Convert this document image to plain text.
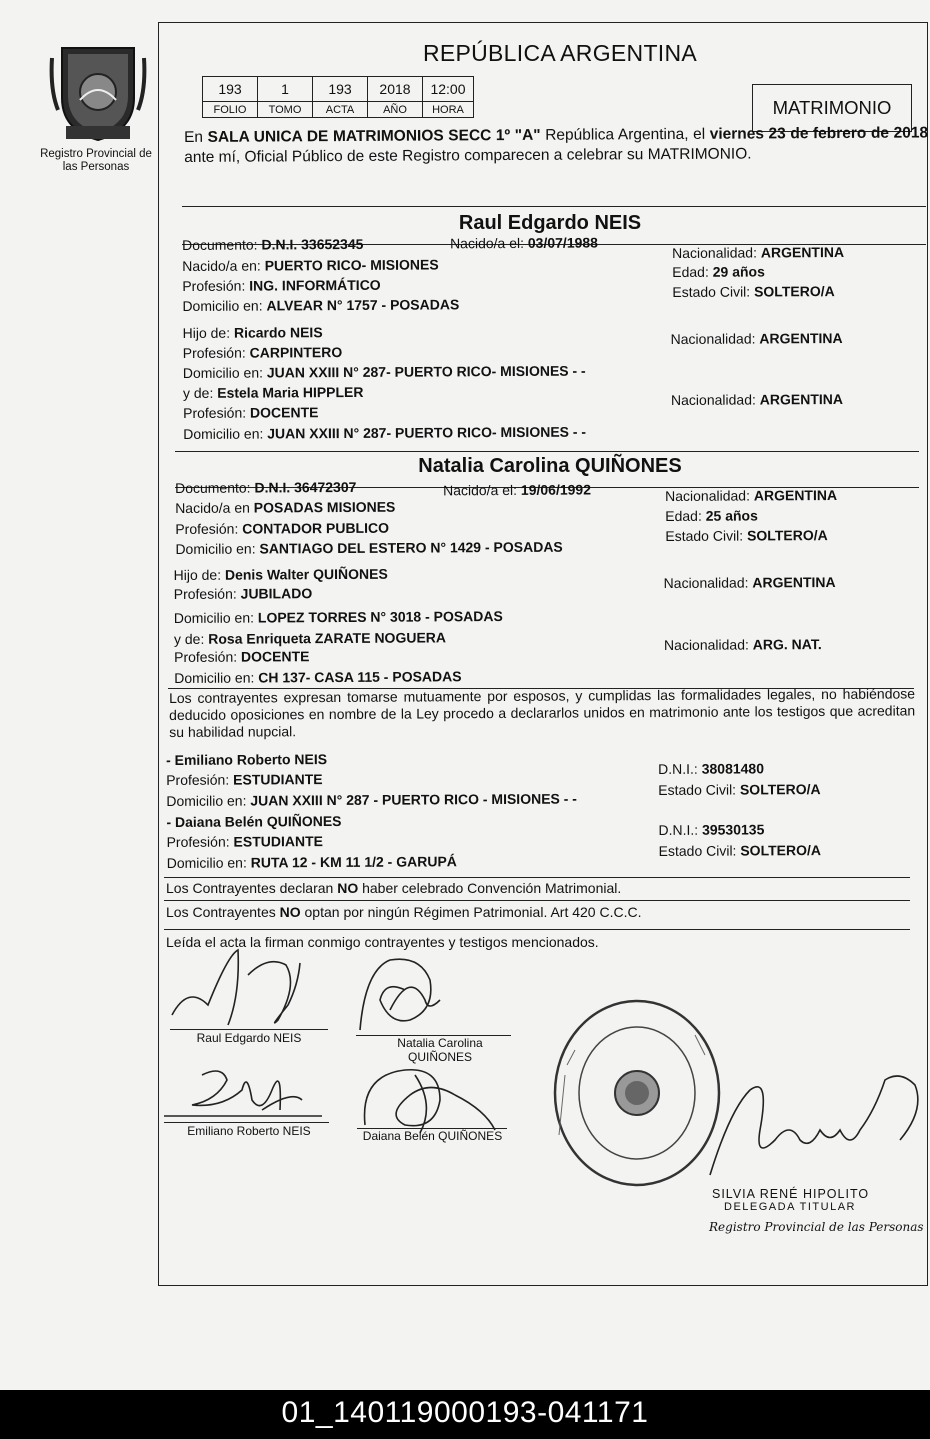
Registro Provincial de las Personas
REPÚBLICA ARGENTINA
193	1	193	2018	12:00
FOLIO	TOMO	ACTA	AÑO	HORA	MATRIMONIO
En SALA UNICA DE MATRIMONIOS SECC 1º "A" República Argentina, el viernes 23 de febrero de 2018 ante mí, Oficial Público de este Registro comparecen a celebrar su MATRIMONIO.
Raul Edgardo NEIS
Documento: D.N.I. 33652345	Nacido/a el: 03/07/1988
Nacionalidad: ARGENTINA
Nacido/a en: PUERTO RICO- MISIONES	Edad: 29 años
Profesión: ING. INFORMÁTICO	Estado Civil: SOLTERO/A
Domicilio en: ALVEAR N° 1757 - POSADAS
Hijo de: Ricardo NEIS	Nacionalidad: ARGENTINA
Profesión: CARPINTERO
Domicilio en: JUAN XXIII N° 287- PUERTO RICO- MISIONES - -
y de: Estela Maria HIPPLER	Nacionalidad: ARGENTINA
Profesión: DOCENTE
Domicilio en: JUAN XXIII N° 287- PUERTO RICO- MISIONES - -
Natalia Carolina QUIÑONES
Documento: D.N.I. 36472307	Nacido/a el: 19/06/1992	Nacionalidad: ARGENTINA
Nacido/a en POSADAS MISIONES
Edad: 25 años
Profesión: CONTADOR PUBLICO	Estado Civil: SOLTERO/A
Domicilio en: SANTIAGO DEL ESTERO N° 1429 - POSADAS
Hijo de: Denis Walter QUIÑONES
Nacionalidad: ARGENTINA
Profesión: JUBILADO
Domicilio en: LOPEZ TORRES N° 3018 - POSADAS
y de: Rosa Enriqueta ZARATE NOGUERA	Nacionalidad: ARG. NAT.
Profesión: DOCENTE
Domicilio en: CH 137- CASA 115 - POSADAS
Los contrayentes expresan tomarse mutuamente por esposos, y cumplidas las formalidades legales, no habiéndose deducido oposiciones en nombre de la Ley procedo a declararlos unidos en matrimonio ante los testigos que acreditan su habilidad nupcial.
- Emiliano Roberto NEIS
D.N.I.: 38081480
Profesión: ESTUDIANTE
Estado Civil: SOLTERO/A
Domicilio en: JUAN XXIII N° 287 - PUERTO RICO - MISIONES - -
- Daiana Belén QUIÑONES	D.N.I.: 39530135
Profesión: ESTUDIANTE
Estado Civil: SOLTERO/A
Domicilio en: RUTA 12 - KM 11 1/2 - GARUPÁ
Los Contrayentes declaran NO haber celebrado Convención Matrimonial.
Los Contrayentes NO optan por ningún Régimen Patrimonial. Art 420 C.C.C.
Leída el acta la firman conmigo contrayentes y testigos mencionados.
Raul Edgardo NEIS	Natalia Carolina
QUIÑONES
Emiliano Roberto NEIS	Daiana Belén QUIÑONES
SILVIA RENÉ HIPOLITO
DELEGADA TITULAR
Registro Provincial de las Personas
01_140119000193-041171
